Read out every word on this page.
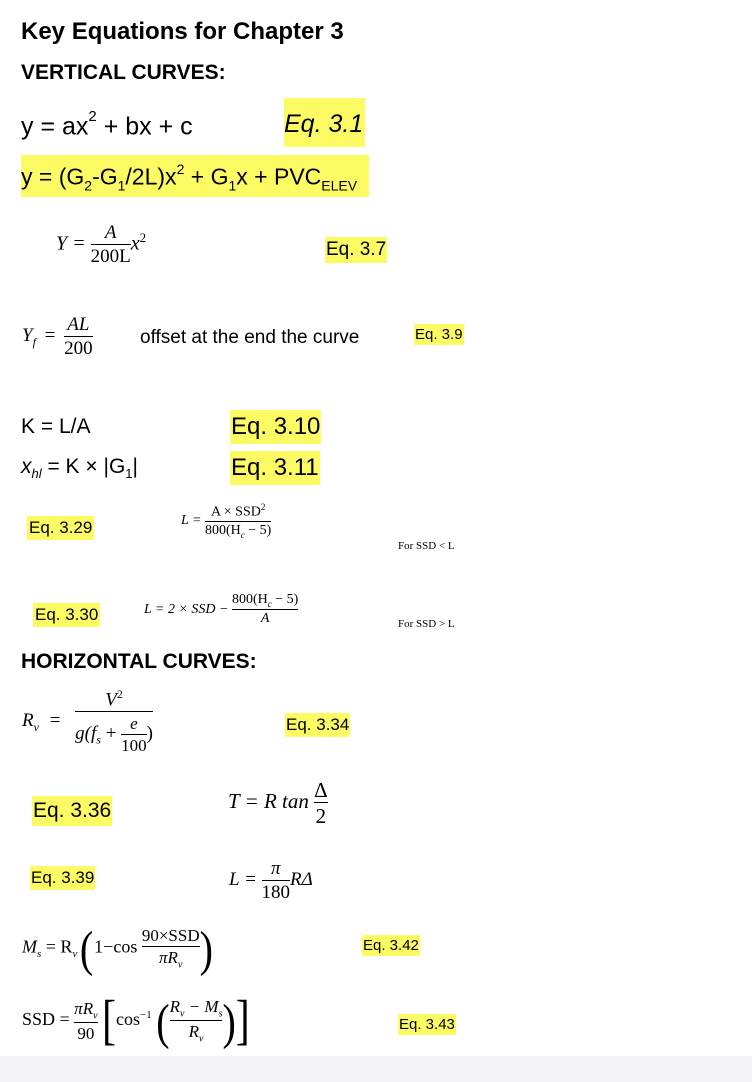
Key Equations for Chapter 3
VERTICAL CURVES:
$y = ax^2$ + bx + c	Eq. 3.1
$y = (G_2-G_1/2L)x^2 + G_1x + PVC_{ELEV}$
$Y = \frac{A}{200L} x^2$
Eq. 3.7
$Y_f = \frac{AL}{200}$ offset at the end the curve	Eq. 3.9
K = L/A	Eq. 3.10
$x_{hl} = K \times |G_1|$	Eq. 3.11
Eq. 3.29	$L = \frac{A \times SSD^2}{800(H_c - 5)}$
For SSD < L
Eq. 3.30	L = 2 × SSD − $\frac{800(H_c - 5)}{A}$	For SSD > L
HORIZONTAL CURVES:
$R_v = \frac{V^2}{g(f_s + \frac{e}{100} )}$	Eq. 3.34
Eq. 3.36	T = R $\tan \frac{\Delta}{2}$
Eq. 3.39	$L = \frac{\pi}{180}$ RΔ
$M_s = R_v$ ($1-\cos \frac{\text{90×SSD}}{\pi R_v}$ )	Eq. 3.42
SSD = $\frac{\pi R_v}{90} [\cos^{-1}$ ( $\frac{R_v - M_s}{R_v}$ )]	Eq. 3.43
